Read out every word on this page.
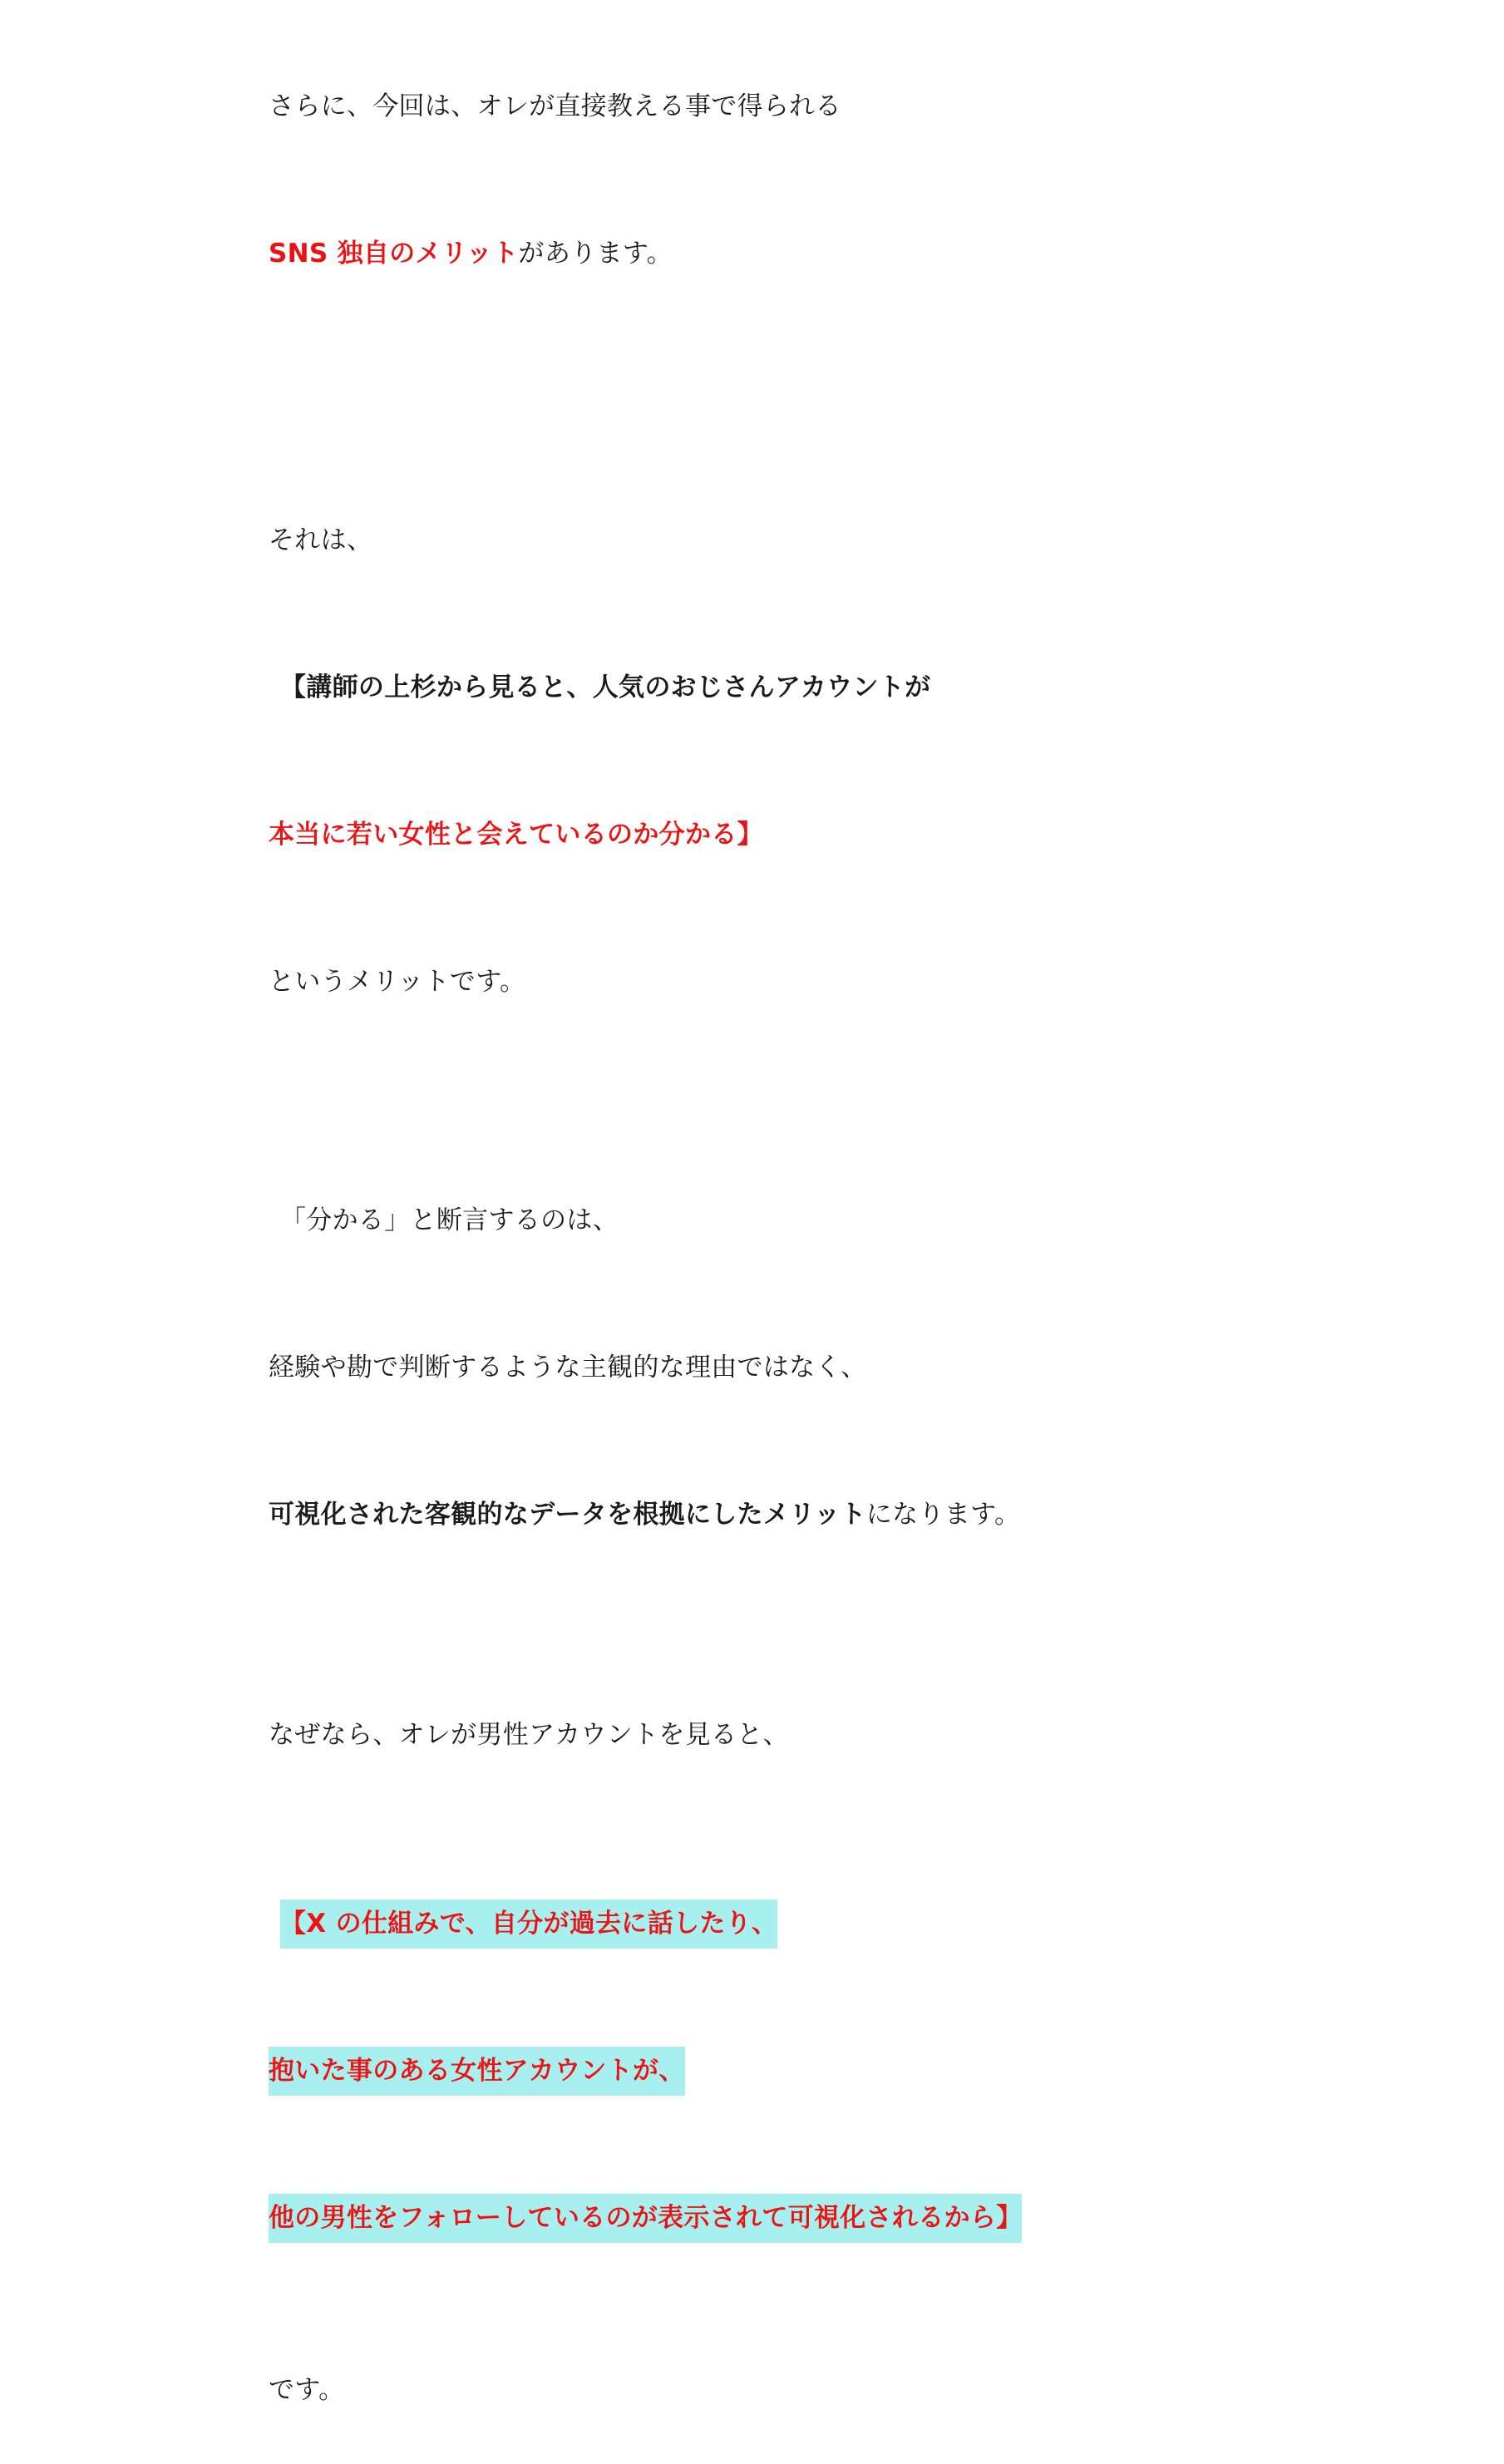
さらに、今回は、オレが直接教える事で得られる

SNS 独自のメリットがあります。

それは、

【講師の上杉から見ると、人気のおじさんアカウントが

本当に若い女性と会えているのか分かる】

というメリットです。

「分かる」と断言するのは、

経験や勘で判断するような主観的な理由ではなく、

可視化された客観的なデータを根拠にしたメリットになります。

なぜなら、オレが男性アカウントを見ると、

【X の仕組みで、自分が過去に話したり、

抱いた事のある女性アカウントが、

他の男性をフォローしているのが表示されて可視化されるから】

です。
